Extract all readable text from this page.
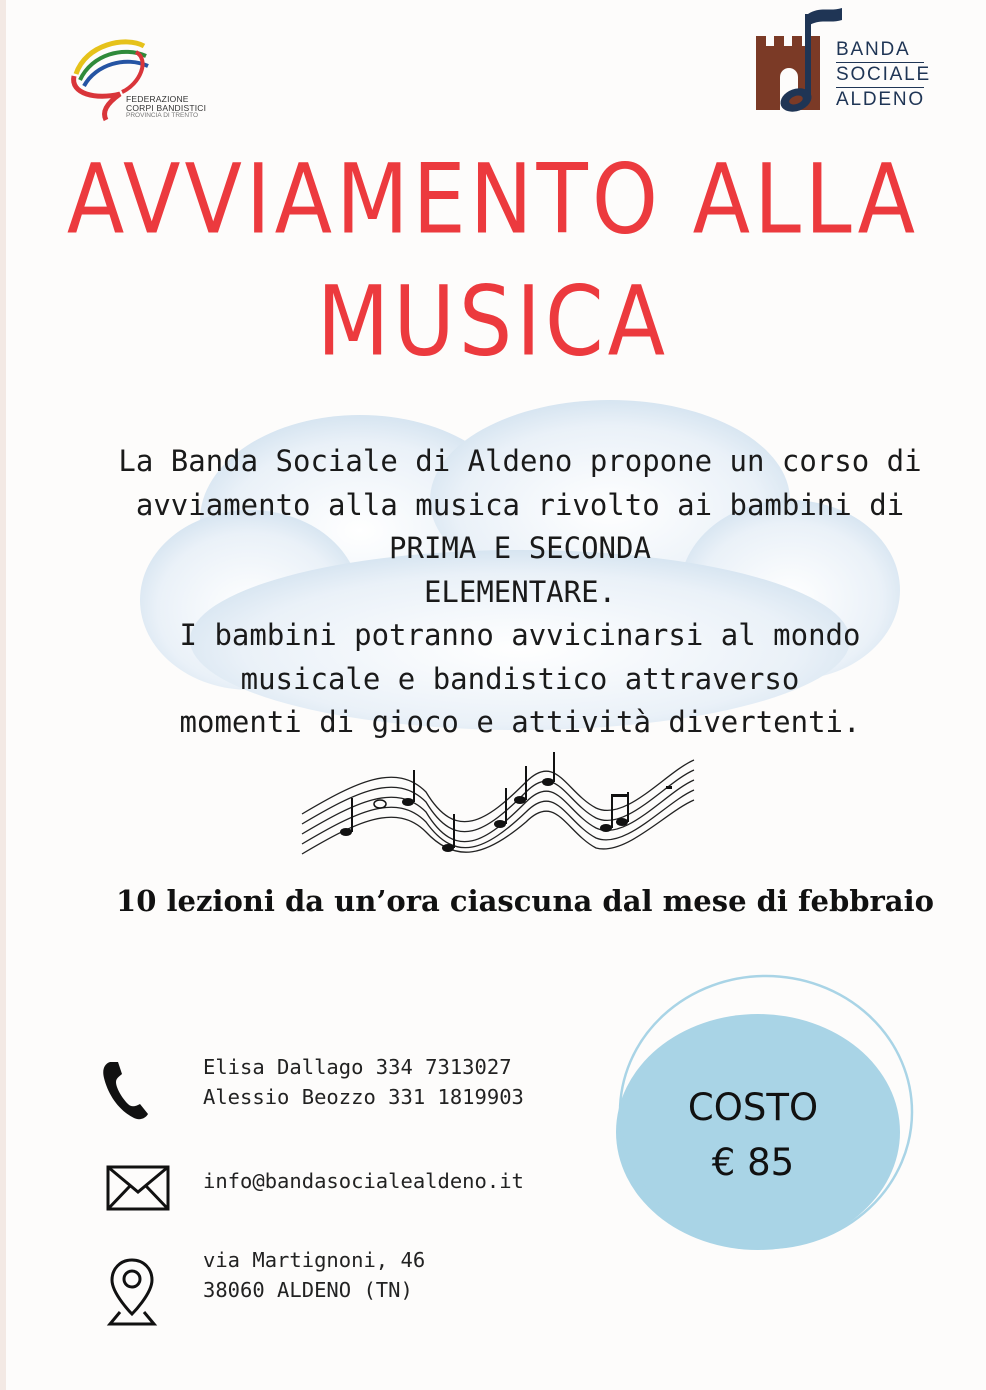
FEDERAZIONE
CORPI BANDISTICI
PROVINCIA DI TRENTO
BANDA
SOCIALE
ALDENO
AVVIAMENTO ALLA
MUSICA
La Banda Sociale di Aldeno propone un corso di
avviamento alla musica rivolto ai bambini di
PRIMA E SECONDA
ELEMENTARE.
I bambini potranno avvicinarsi al mondo
musicale e bandistico attraverso
momenti di gioco e attività divertenti.
10 lezioni da un’ora ciascuna dal mese di febbraio
Elisa Dallago 334 7313027
Alessio Beozzo 331 1819903
info@bandasocialealdeno.it
via Martignoni, 46
38060 ALDENO (TN)
COSTO
€ 85
